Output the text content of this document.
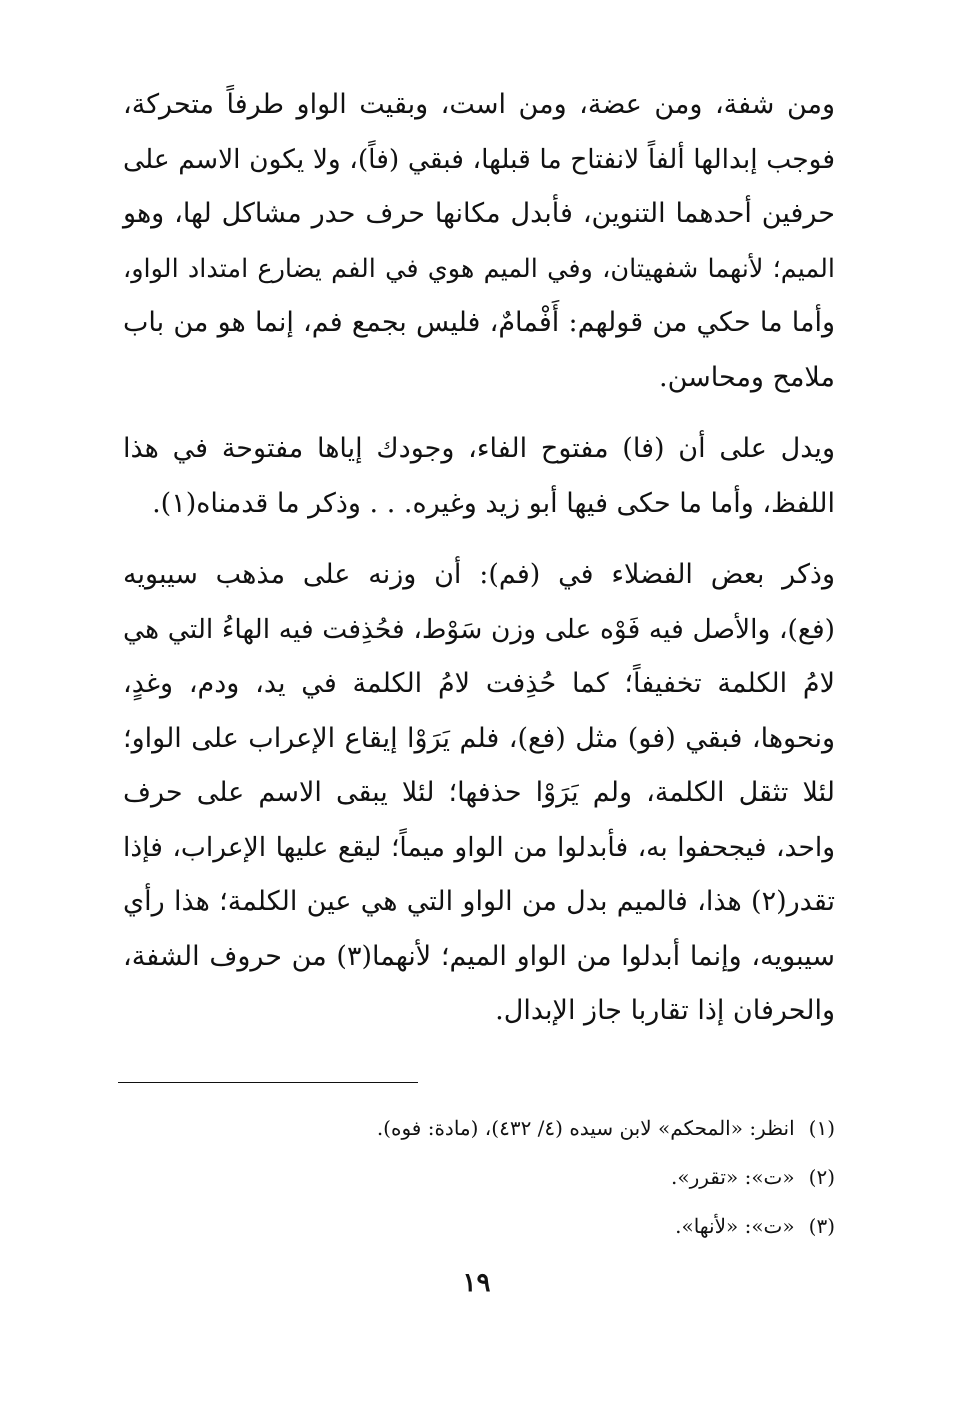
ومن شفة، ومن عضة، ومن است، وبقيت الواو طرفاً متحركة،
فوجب إبدالها ألفاً لانفتاح ما قبلها، فبقي (فاً)، ولا يكون الاسم على
حرفين أحدهما التنوين، فأبدل مكانها حرف حدر مشاكل لها، وهو
الميم؛ لأنهما شفهيتان، وفي الميم هوي في الفم يضارع امتداد الواو،
وأما ما حكي من قولهم: أَفْمامٌ، فليس بجمع فم، إنما هو من باب
ملامح ومحاسن.
ويدل على أن (فا) مفتوح الفاء، وجودك إياها مفتوحة في هذا
اللفظ، وأما ما حكى فيها أبو زيد وغيره. . . وذكر ما قدمناه(١).
وذكر بعض الفضلاء في (فم): أن وزنه على مذهب سيبويه
(فع)، والأصل فيه فَوْه على وزن سَوْط، فحُذِفت فيه الهاءُ التي هي
لامُ الكلمة تخفيفاً؛ كما حُذِفت لامُ الكلمة في يد، ودم، وغدٍ،
ونحوها، فبقي (فو) مثل (فع)، فلم يَرَوْا إيقاع الإعراب على الواو؛
لئلا تثقل الكلمة، ولم يَرَوْا حذفها؛ لئلا يبقى الاسم على حرف
واحد، فيجحفوا به، فأبدلوا من الواو ميماً؛ ليقع عليها الإعراب، فإذا
تقدر(٢) هذا، فالميم بدل من الواو التي هي عين الكلمة؛ هذا رأي
سيبويه، وإنما أبدلوا من الواو الميم؛ لأنهما(٣) من حروف الشفة،
والحرفان إذا تقاربا جاز الإبدال.
(١)انظر: «المحكم» لابن سيده (٤/ ٤٣٢)، (مادة: فوه).
(٢)«ت»: «تقرر».
(٣)«ت»: «لأنها».
١٩
